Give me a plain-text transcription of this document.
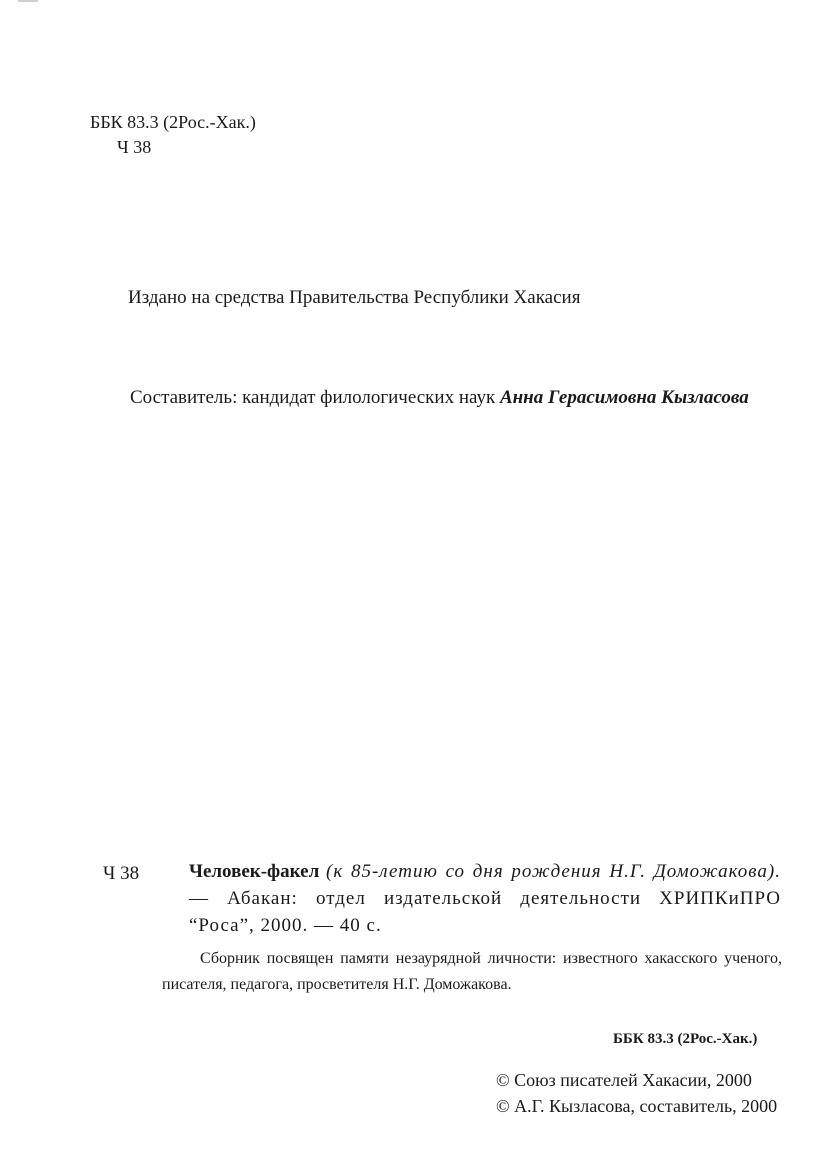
ББК 83.3 (2Рос.-Хак.)
Ч 38
Издано на средства Правительства Республики Хакасия
Составитель: кандидат филологических наук Анна Герасимовна Кызласова
Ч 38	Человек-факел (к 85-летию со дня рождения Н.Г. Доможакова). — Абакан: отдел издательской деятельности ХРИПКиПРО “Роса”, 2000. — 40 с.
Сборник посвящен памяти незаурядной личности: известного хакасского ученого, писателя, педагога, просветителя Н.Г. Доможакова.
ББК 83.3 (2Рос.-Хак.)
© Союз писателей Хакасии, 2000
© А.Г. Кызласова, составитель, 2000
